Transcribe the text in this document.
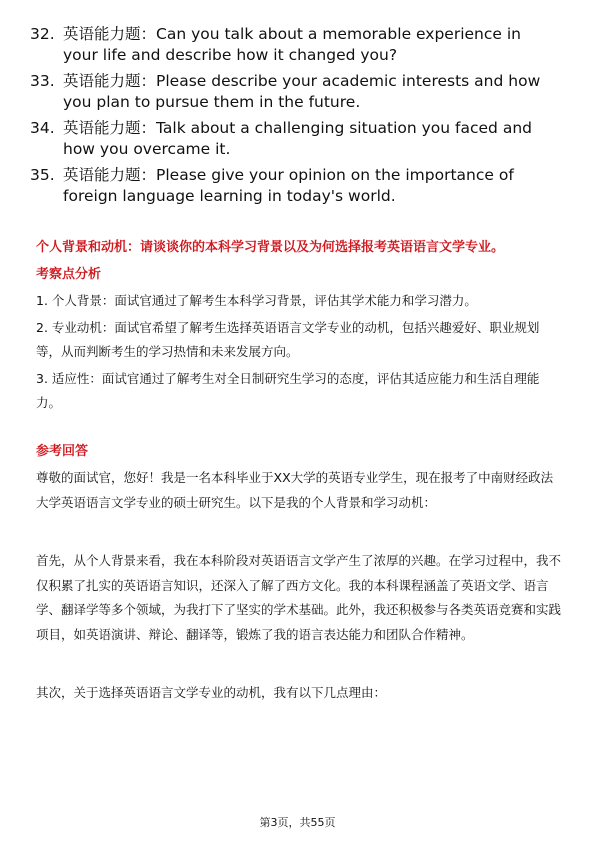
32. 英语能力题：Can you talk about a memorable experience in your life and describe how it changed you?
33. 英语能力题：Please describe your academic interests and how you plan to pursue them in the future.
34. 英语能力题：Talk about a challenging situation you faced and how you overcame it.
35. 英语能力题：Please give your opinion on the importance of foreign language learning in today's world.
个人背景和动机：请谈谈你的本科学习背景以及为何选择报考英语语言文学专业。
考察点分析
1. 个人背景：面试官通过了解考生本科学习背景，评估其学术能力和学习潜力。
2. 专业动机：面试官希望了解考生选择英语语言文学专业的动机，包括兴趣爱好、职业规划等，从而判断考生的学习热情和未来发展方向。
3. 适应性：面试官通过了解考生对全日制研究生学习的态度，评估其适应能力和生活自理能力。
参考回答
尊敬的面试官，您好！我是一名本科毕业于XX大学的英语专业学生，现在报考了中南财经政法大学英语语言文学专业的硕士研究生。以下是我的个人背景和学习动机：
首先，从个人背景来看，我在本科阶段对英语语言文学产生了浓厚的兴趣。在学习过程中，我不仅积累了扎实的英语语言知识，还深入了解了西方文化。我的本科课程涵盖了英语文学、语言学、翻译学等多个领域，为我打下了坚实的学术基础。此外，我还积极参与各类英语竞赛和实践项目，如英语演讲、辩论、翻译等，锻炼了我的语言表达能力和团队合作精神。
其次，关于选择英语语言文学专业的动机，我有以下几点理由：
第3页，共55页
